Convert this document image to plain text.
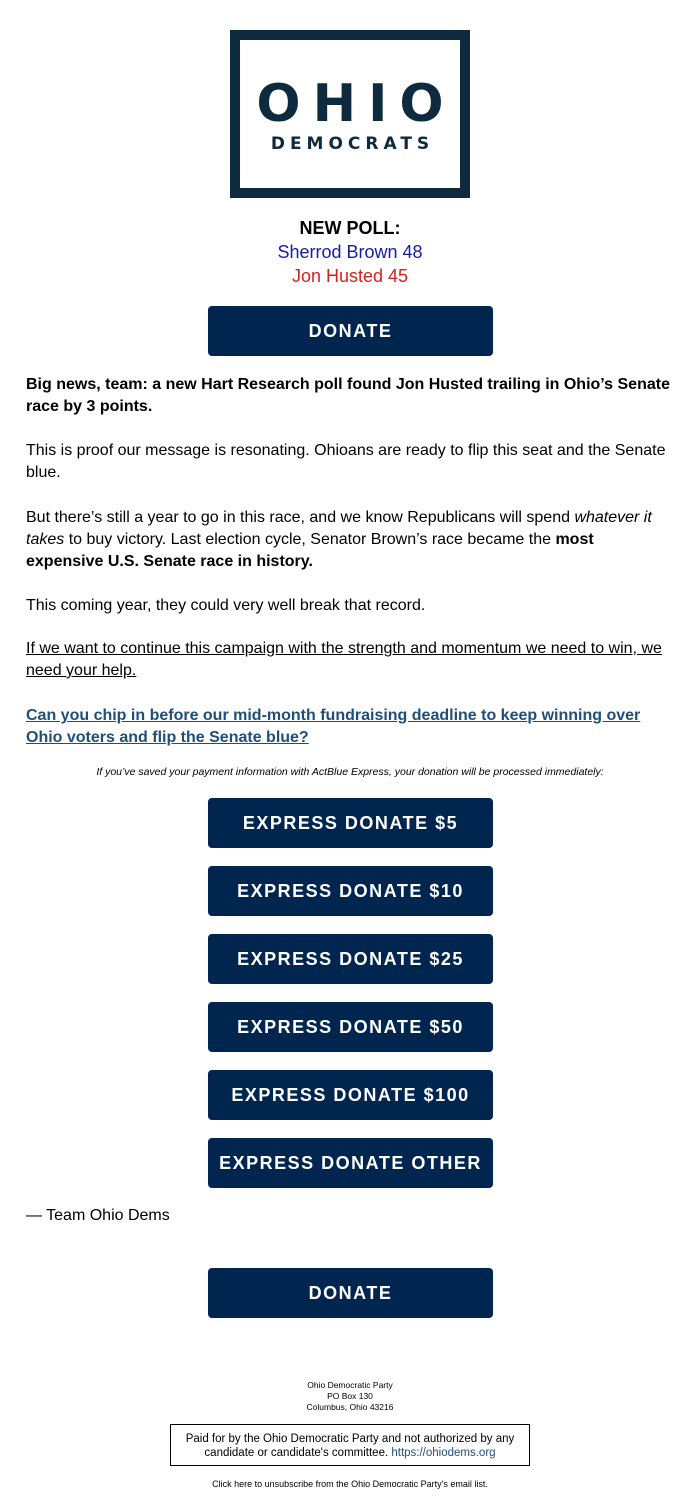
OHIO
DEMOCRATS
NEW POLL:
Sherrod Brown 48
Jon Husted 45
DONATE

Big news, team: a new Hart Research poll found Jon Husted trailing in Ohio’s Senate race by 3 points.

This is proof our message is resonating. Ohioans are ready to flip this seat and the Senate blue.

But there’s still a year to go in this race, and we know Republicans will spend whatever it takes to buy victory. Last election cycle, Senator Brown’s race became the most expensive U.S. Senate race in history.

This coming year, they could very well break that record.

If we want to continue this campaign with the strength and momentum we need to win, we need your help.

Can you chip in before our mid-month fundraising deadline to keep winning over Ohio voters and flip the Senate blue?

If you’ve saved your payment information with ActBlue Express, your donation will be processed immediately:
EXPRESS DONATE $5
EXPRESS DONATE $10
EXPRESS DONATE $25
EXPRESS DONATE $50
EXPRESS DONATE $100
EXPRESS DONATE OTHER
— Team Ohio Dems
DONATE
Ohio Democratic Party
PO Box 130
Columbus, Ohio 43216
Paid for by the Ohio Democratic Party and not authorized by any candidate or candidate's committee. https://ohiodems.org
Click here to unsubscribe from the Ohio Democratic Party's email list.
